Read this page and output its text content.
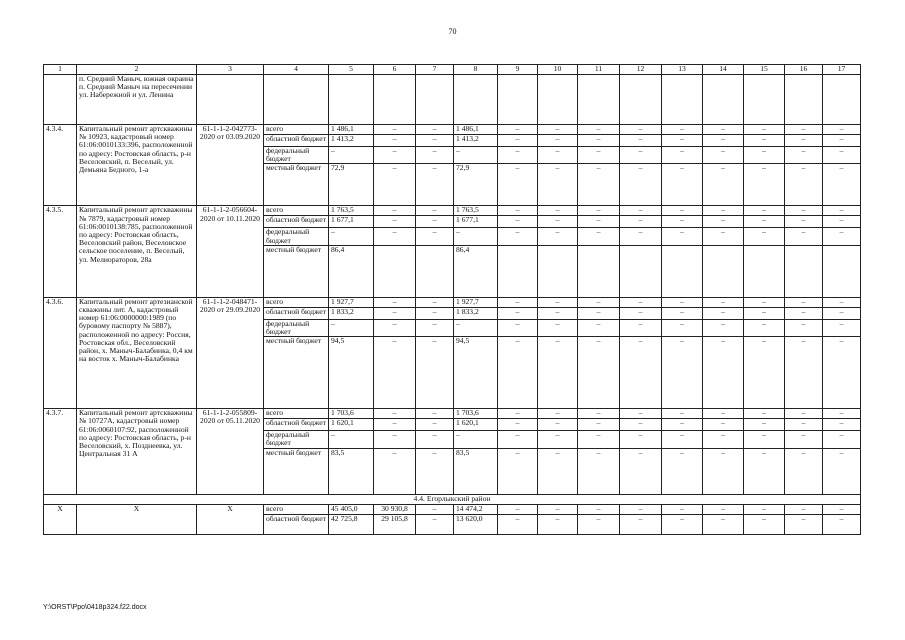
70
1	2	3	4	5	6	7	8	9	10	11	12	13	14	15	16	17
	п. Средний Маныч, южная окраина п. Средний Маныч на пересечении ул. Набережной и ул. Ленина															
4.3.4.	Капитальный ремонт артскважины № 10923, кадастровый номер 61:06:0010133:396, расположенной по адресу: Ростовская область, р-н Веселовский, п. Веселый, ул. Демьяна Бедного, 1-а	61-1-1-2-042773-2020 от 03.09.2020	всего	1 486,1	–	–	1 486,1	–	–	–	–	–	–	–	–	–
			областной бюджет	1 413,2	–	–	1 413,2	–	–	–	–	–	–	–	–	–
			федеральный бюджет	–	–	–	–	–	–	–	–	–	–	–	–	–
			местный бюджет	72,9	–	–	72,9	–	–	–	–	–	–	–	–	–
4.3.5.	Капитальный ремонт артскважины № 7879, кадастровый номер 61:06:0010138:785, расположенной по адресу: Ростовская область, Веселовский район, Веселовское сельское поселение, п. Веселый, ул. Мелиораторов, 28а	61-1-1-2-056604-2020 от 10.11.2020	всего	1 763,5	–	–	1 763,5	–	–	–	–	–	–	–	–	–
			областной бюджет	1 677,1	–	–	1 677,1	–	–	–	–	–	–	–	–	–
			федеральный бюджет	–	–	–	–	–	–	–	–	–	–	–	–	–
			местный бюджет	86,4			86,4									
4.3.6.	Капитальный ремонт артезианской скважины лит. А, кадастровый номер 61:06:0000000:1989 (по буровому паспорту № 5887), расположенной по адресу: Россия, Ростовская обл., Веселовский район, х. Маныч-Балабинка, 0,4 км на восток х. Маныч-Балабинка	61-1-1-2-048471-2020 от 29.09.2020	всего	1 927,7	–	–	1 927,7	–	–	–	–	–	–	–	–	–
			областной бюджет	1 833,2	–	–	1 833,2	–	–	–	–	–	–	–	–	–
			федеральный бюджет	–	–	–	–	–	–	–	–	–	–	–	–	–
			местный бюджет	94,5	–	–	94,5	–	–	–	–	–	–	–	–	–
4.3.7.	Капитальный ремонт артскважины № 10727А, кадастровый номер 61:06:0060107:92, расположенной по адресу: Ростовская область, р-н Веселовский, х. Позднеевка, ул. Центральная 31 А	61-1-1-2-055809-2020 от 05.11.2020	всего	1 703,6	–	–	1 703,6	–	–	–	–	–	–	–	–	–
			областной бюджет	1 620,1	–	–	1 620,1	–	–	–	–	–	–	–	–	–
			федеральный бюджет	–	–	–	–	–	–	–	–	–	–	–	–	–
			местный бюджет	83,5	–	–	83,5	–	–	–	–	–	–	–	–	–
4.4. Егорлыкский район																
Х	Х	Х	всего	45 405,0	30 930,8	–	14 474,2	–	–	–	–	–	–	–	–	–
			областной бюджет	42 725,8	29 105,8	–	13 620,0	–	–	–	–	–	–	–	–	–
Y:\ORST\Ppo\0418p324.f22.docx
